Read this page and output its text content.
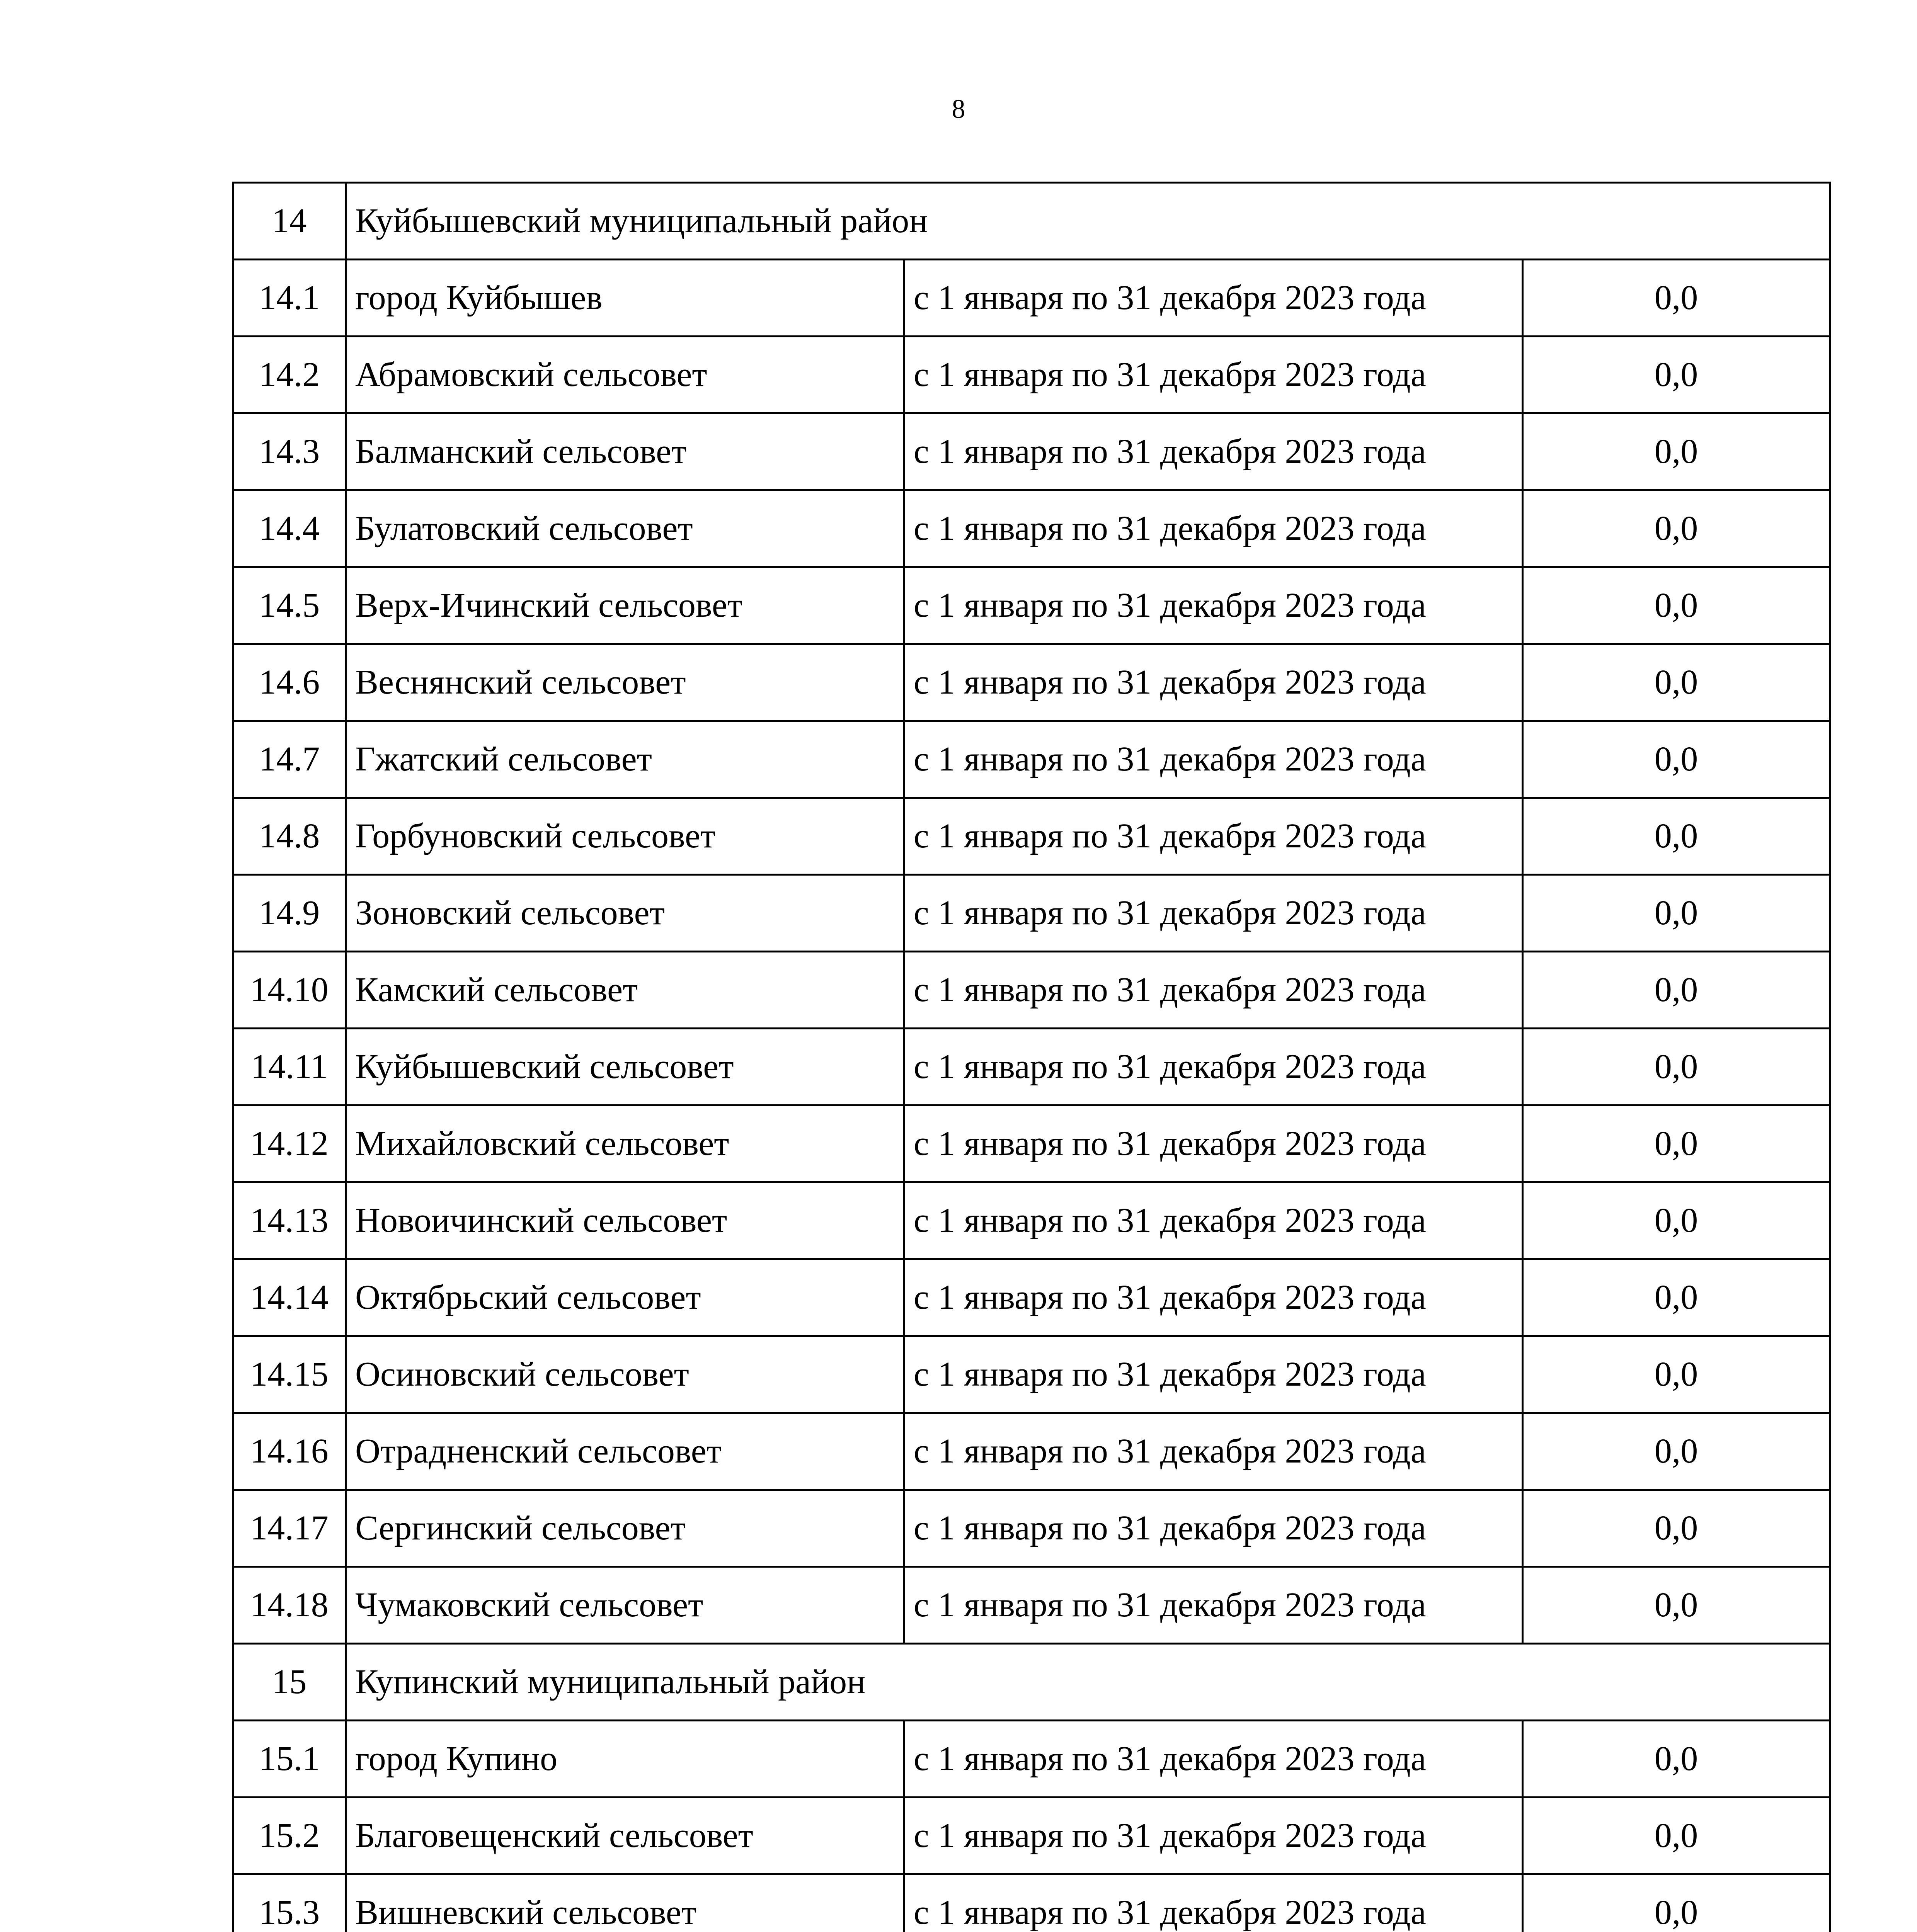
8
14	Куйбышевский муниципальный район		
14.1	город Куйбышев	с 1 января по 31 декабря 2023 года	0,0
14.2	Абрамовский сельсовет	с 1 января по 31 декабря 2023 года	0,0
14.3	Балманский сельсовет	с 1 января по 31 декабря 2023 года	0,0
14.4	Булатовский сельсовет	с 1 января по 31 декабря 2023 года	0,0
14.5	Верх-Ичинский сельсовет	с 1 января по 31 декабря 2023 года	0,0
14.6	Веснянский сельсовет	с 1 января по 31 декабря 2023 года	0,0
14.7	Гжатский сельсовет	с 1 января по 31 декабря 2023 года	0,0
14.8	Горбуновский сельсовет	с 1 января по 31 декабря 2023 года	0,0
14.9	Зоновский сельсовет	с 1 января по 31 декабря 2023 года	0,0
14.10	Камский сельсовет	с 1 января по 31 декабря 2023 года	0,0
14.11	Куйбышевский сельсовет	с 1 января по 31 декабря 2023 года	0,0
14.12	Михайловский сельсовет	с 1 января по 31 декабря 2023 года	0,0
14.13	Новоичинский сельсовет	с 1 января по 31 декабря 2023 года	0,0
14.14	Октябрьский сельсовет	с 1 января по 31 декабря 2023 года	0,0
14.15	Осиновский сельсовет	с 1 января по 31 декабря 2023 года	0,0
14.16	Отрадненский сельсовет	с 1 января по 31 декабря 2023 года	0,0
14.17	Сергинский сельсовет	с 1 января по 31 декабря 2023 года	0,0
14.18	Чумаковский сельсовет	с 1 января по 31 декабря 2023 года	0,0
15	Купинский муниципальный район		
15.1	город Купино	с 1 января по 31 декабря 2023 года	0,0
15.2	Благовещенский сельсовет	с 1 января по 31 декабря 2023 года	0,0
15.3	Вишневский сельсовет	с 1 января по 31 декабря 2023 года	0,0
